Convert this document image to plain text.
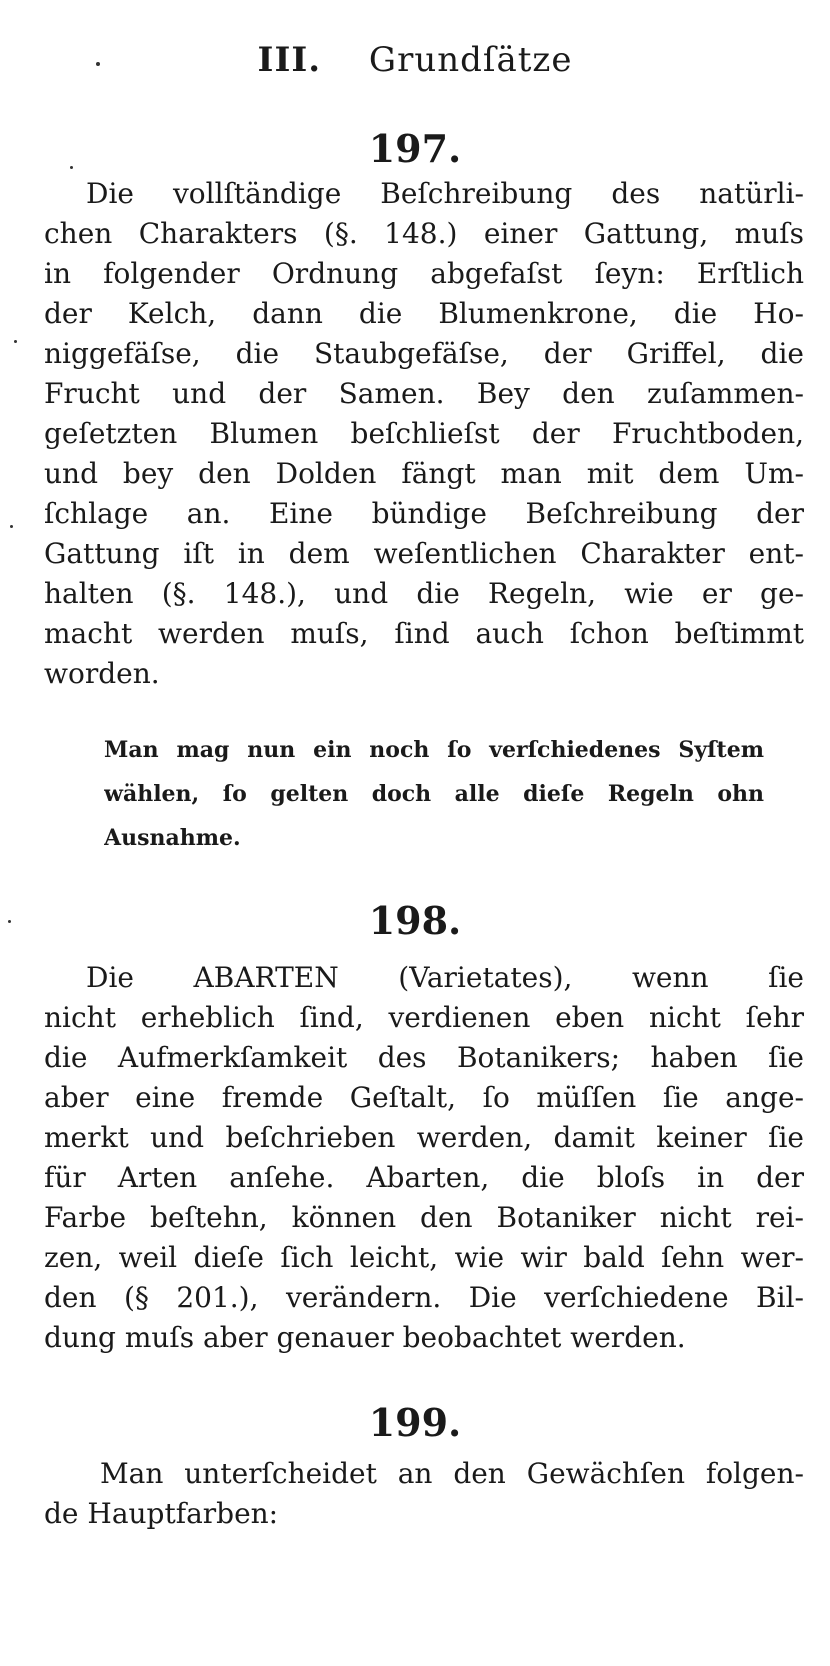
III. Grundſätze
197.
Die vollſtändige Beſchreibung des natürli-
chen Charakters (§. 148.) einer Gattung, muſs
in folgender Ordnung abgefaſst ſeyn: Erſtlich
der Kelch, dann die Blumenkrone, die Ho-
niggefäſse, die Staubgefäſse, der Griffel, die
Frucht und der Samen. Bey den zuſammen-
geſetzten Blumen beſchlieſst der Fruchtboden,
und bey den Dolden fängt man mit dem Um-
ſchlage an. Eine bündige Beſchreibung der
Gattung iſt in dem weſentlichen Charakter ent-
halten (§. 148.), und die Regeln, wie er ge-
macht werden muſs, ſind auch ſchon beſtimmt
worden.
Man mag nun ein noch ſo verſchiedenes Syſtem
wählen, ſo gelten doch alle dieſe Regeln ohn
Ausnahme.
198.
Die ABARTEN (Varietates), wenn ſie
nicht erheblich ſind, verdienen eben nicht ſehr
die Aufmerkſamkeit des Botanikers; haben ſie
aber eine fremde Geſtalt, ſo müſſen ſie ange-
merkt und beſchrieben werden, damit keiner ſie
für Arten anſehe. Abarten, die bloſs in der
Farbe beſtehn, können den Botaniker nicht rei-
zen, weil dieſe ſich leicht, wie wir bald ſehn wer-
den (§ 201.), verändern. Die verſchiedene Bil-
dung muſs aber genauer beobachtet werden.
199.
Man unterſcheidet an den Gewächſen folgen-
de Hauptfarben:
